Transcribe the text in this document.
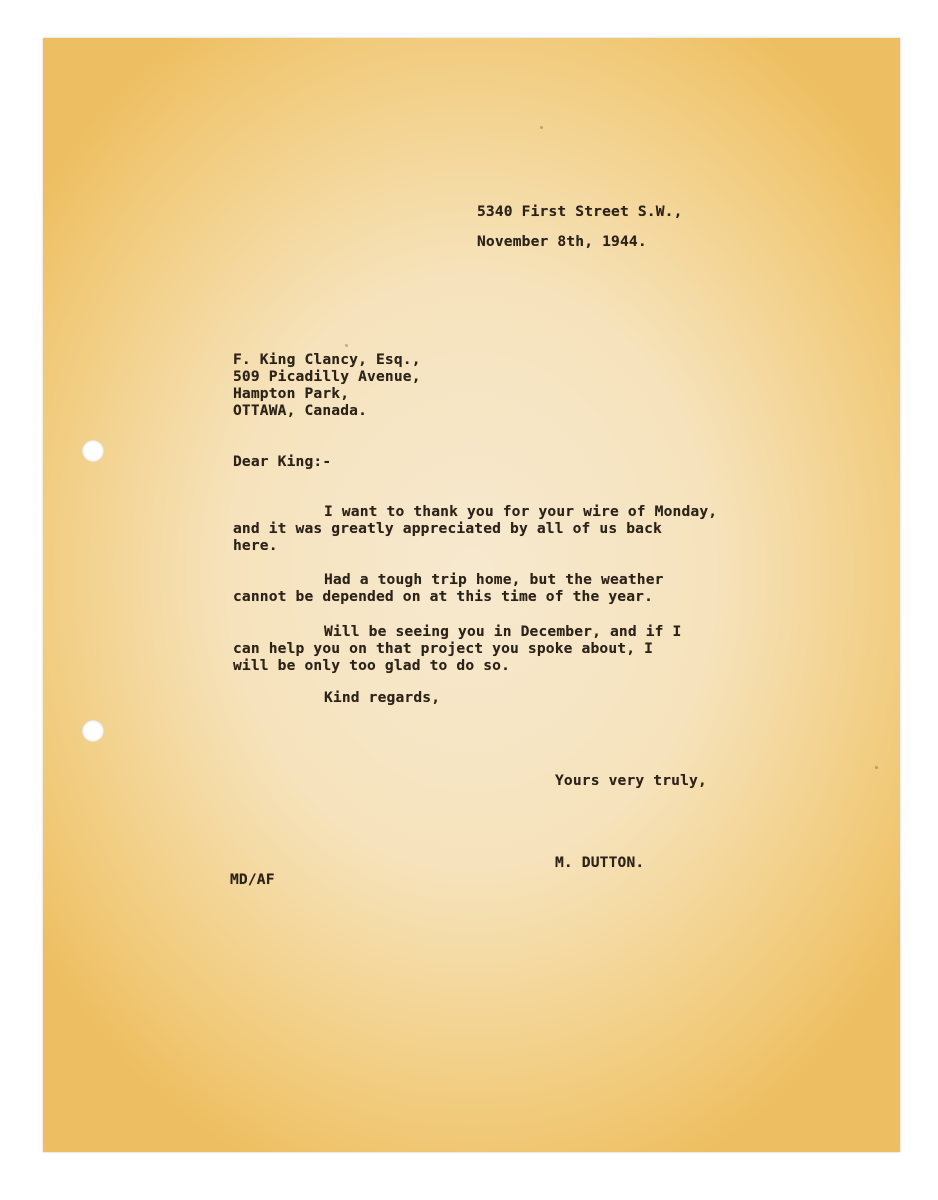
5340 First Street S.W.,
November 8th, 1944.
F. King Clancy, Esq.,
509 Picadilly Avenue,
Hampton Park,
OTTAWA, Canada.
Dear King:-
I want to thank you for your wire of Monday,
and it was greatly appreciated by all of us back
here.
Had a tough trip home, but the weather
cannot be depended on at this time of the year.
Will be seeing you in December, and if I
can help you on that project you spoke about, I
will be only too glad to do so.
Kind regards,
Yours very truly,
M. DUTTON.
MD/AF
